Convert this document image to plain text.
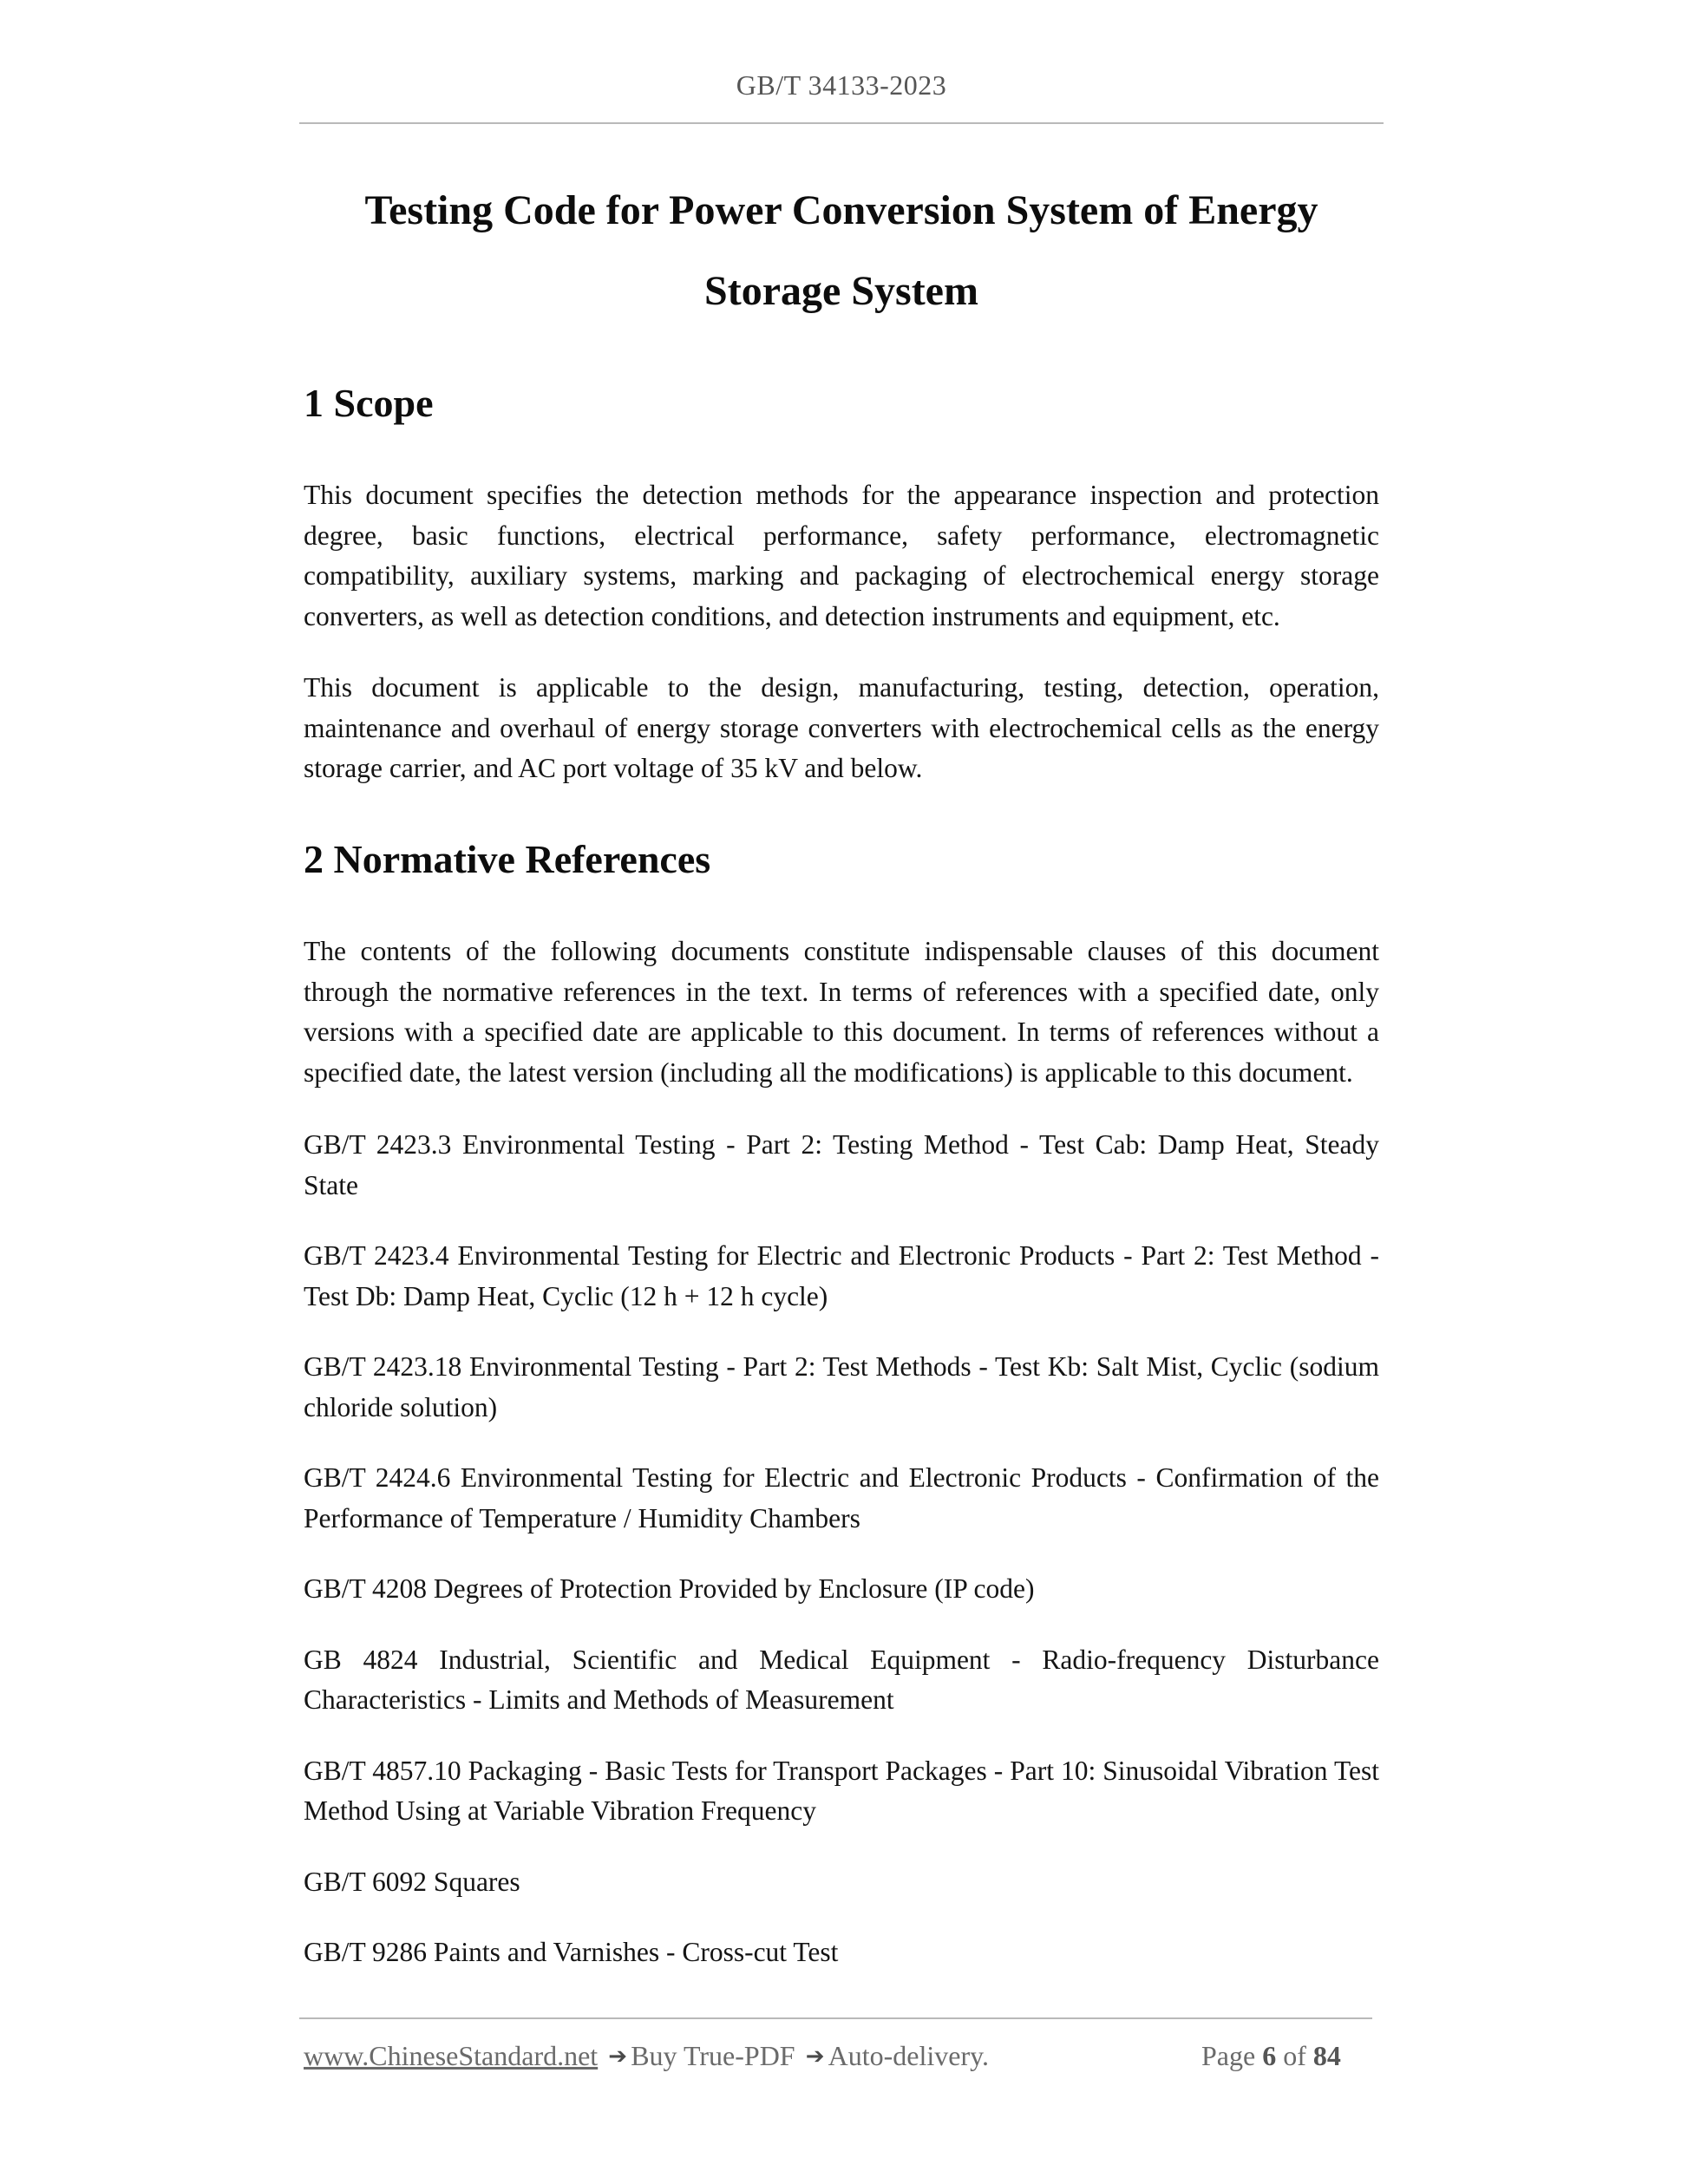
GB/T 34133-2023
Testing Code for Power Conversion System of Energy
Storage System
1 Scope
This document specifies the detection methods for the appearance inspection and protection degree, basic functions, electrical performance, safety performance, electromagnetic compatibility, auxiliary systems, marking and packaging of electrochemical energy storage converters, as well as detection conditions, and detection instruments and equipment, etc.
This document is applicable to the design, manufacturing, testing, detection, operation, maintenance and overhaul of energy storage converters with electrochemical cells as the energy storage carrier, and AC port voltage of 35 kV and below.
2 Normative References
The contents of the following documents constitute indispensable clauses of this document through the normative references in the text. In terms of references with a specified date, only versions with a specified date are applicable to this document. In terms of references without a specified date, the latest version (including all the modifications) is applicable to this document.

GB/T 2423.3 Environmental Testing - Part 2: Testing Method - Test Cab: Damp Heat, Steady State

GB/T 2423.4 Environmental Testing for Electric and Electronic Products - Part 2: Test Method - Test Db: Damp Heat, Cyclic (12 h + 12 h cycle)

GB/T 2423.18 Environmental Testing - Part 2: Test Methods - Test Kb: Salt Mist, Cyclic (sodium chloride solution)

GB/T 2424.6 Environmental Testing for Electric and Electronic Products - Confirmation of the Performance of Temperature / Humidity Chambers

GB/T 4208 Degrees of Protection Provided by Enclosure (IP code)

GB 4824 Industrial, Scientific and Medical Equipment - Radio-frequency Disturbance Characteristics - Limits and Methods of Measurement

GB/T 4857.10 Packaging - Basic Tests for Transport Packages - Part 10: Sinusoidal Vibration Test Method Using at Variable Vibration Frequency

GB/T 6092 Squares

GB/T 9286 Paints and Varnishes - Cross-cut Test

www.ChineseStandard.net ➔ Buy True-PDF ➔ Auto-delivery.	Page 6 of 84
